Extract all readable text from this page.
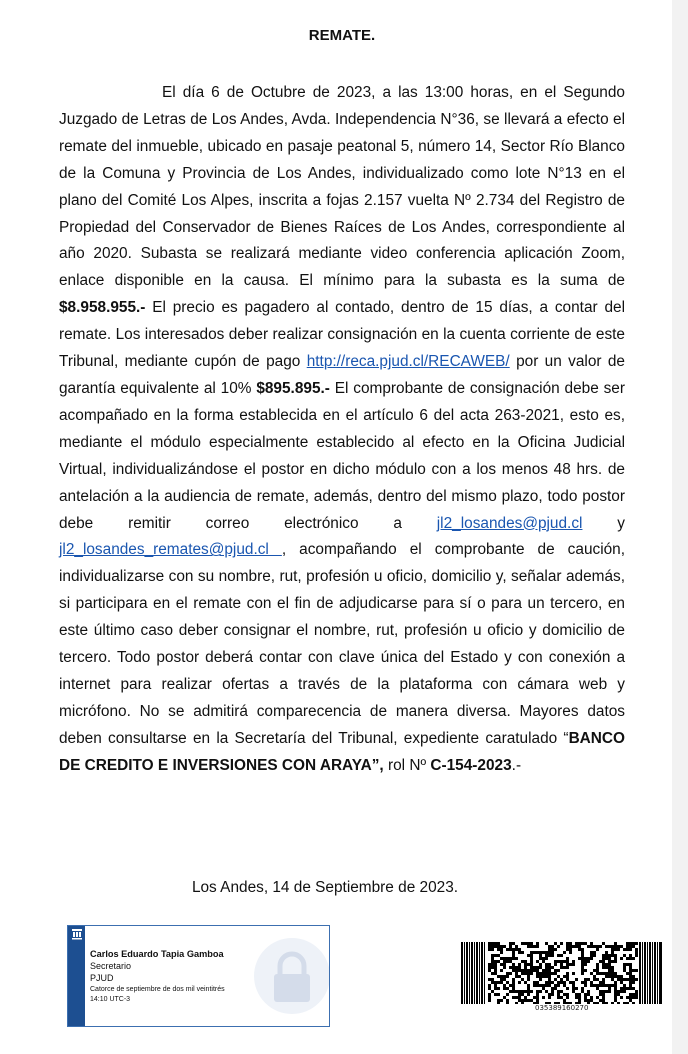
REMATE.

El día 6 de Octubre de 2023, a las 13:00 horas, en el Segundo Juzgado de Letras de Los Andes, Avda. Independencia N°36, se llevará a efecto el remate del inmueble, ubicado en pasaje peatonal 5, número 14, Sector Río Blanco de la Comuna y Provincia de Los Andes, individualizado como lote N°13 en el plano del Comité Los Alpes, inscrita a fojas 2.157 vuelta Nº 2.734 del Registro de Propiedad del Conservador de Bienes Raíces de Los Andes, correspondiente al año 2020. Subasta se realizará mediante video conferencia aplicación Zoom, enlace disponible en la causa. El mínimo para la subasta es la suma de $8.958.955.- El precio es pagadero al contado, dentro de 15 días, a contar del remate. Los interesados deber realizar consignación en la cuenta corriente de este Tribunal, mediante cupón de pago http://reca.pjud.cl/RECAWEB/ por un valor de garantía equivalente al 10% $895.895.- El comprobante de consignación debe ser acompañado en la forma establecida en el artículo 6 del acta 263-2021, esto es, mediante el módulo especialmente establecido al efecto en la Oficina Judicial Virtual, individualizándose el postor en dicho módulo con a los menos 48 hrs. de antelación a la audiencia de remate, además, dentro del mismo plazo, todo postor debe remitir correo electrónico a jl2_losandes@pjud.cl y jl2_losandes_remates@pjud.cl , acompañando el comprobante de caución, individualizarse con su nombre, rut, profesión u oficio, domicilio y, señalar además, si participara en el remate con el fin de adjudicarse para sí o para un tercero, en este último caso deber consignar el nombre, rut, profesión u oficio y domicilio de tercero. Todo postor deberá contar con clave única del Estado y con conexión a internet para realizar ofertas a través de la plataforma con cámara web y micrófono. No se admitirá comparecencia de manera diversa. Mayores datos deben consultarse en la Secretaría del Tribunal, expediente caratulado “BANCO DE CREDITO E INVERSIONES CON ARAYA”, rol Nº C-154-2023.-

Los Andes, 14 de Septiembre de 2023.
Carlos Eduardo Tapia Gamboa
Secretario
PJUD
Catorce de septiembre de dos mil veintitrés
14:10 UTC-3
035389160270
